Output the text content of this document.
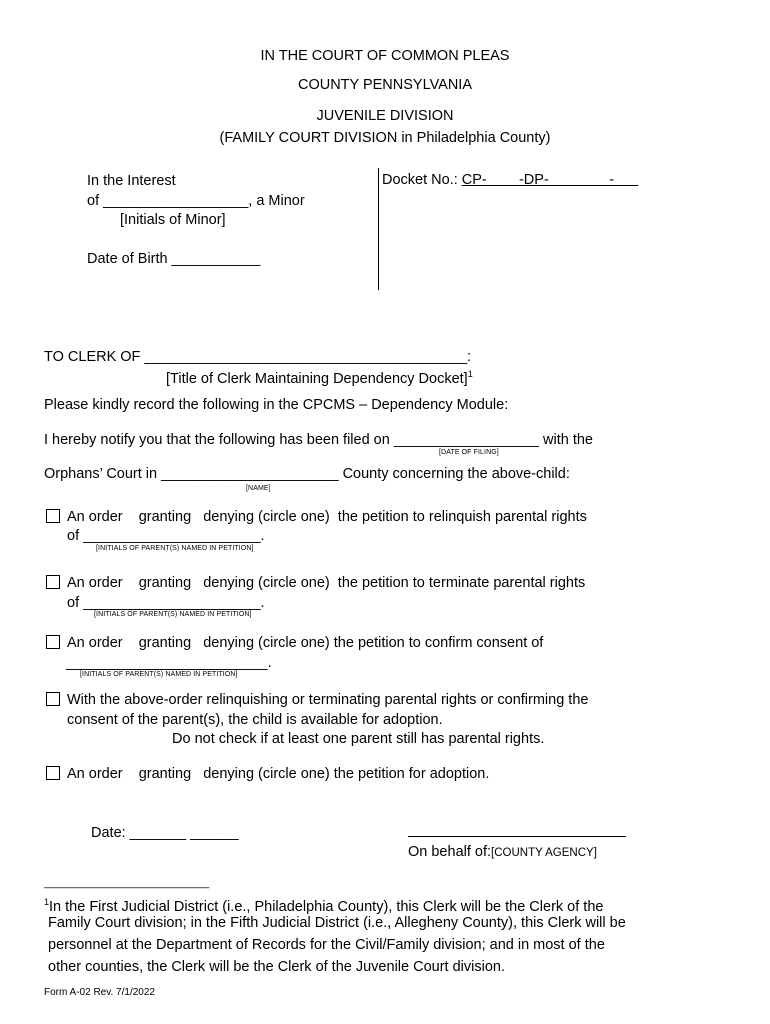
IN THE COURT OF COMMON PLEAS
COUNTY PENNSYLVANIA
JUVENILE DIVISION
(FAMILY COURT DIVISION in Philadelphia County)
In the Interest
of __________________, a Minor
[Initials of Minor]
Date of Birth ___________
Docket No.: CP-        -DP-               -
TO CLERK OF ________________________________________:
[Title of Clerk Maintaining Dependency Docket]$^1$
Please kindly record the following in the CPCMS – Dependency Module:
I hereby notify you that the following has been filed on __________________ with the
[DATE OF FILING]
Orphans’ Court in ______________________ County concerning the above-child:
[NAME]
An order    granting   denying (circle one)  the petition to relinquish parental rights
of ______________________.
[INITIALS OF PARENT(S) NAMED IN PETITION]
An order    granting   denying (circle one)  the petition to terminate parental rights
of ______________________.
[INITIALS OF PARENT(S) NAMED IN PETITION]
An order    granting   denying (circle one) the petition to confirm consent of
_________________________.
[INITIALS OF PARENT(S) NAMED IN PETITION]
With the above-order relinquishing or terminating parental rights or confirming the
consent of the parent(s), the child is available for adoption.
Do not check if at least one parent still has parental rights.
An order    granting   denying (circle one) the petition for adoption.
Date: _______ ______
On behalf of:[COUNTY AGENCY]
___________________________
$^1$In the First Judicial District (i.e., Philadelphia County), this Clerk will be the Clerk of the
Family Court division; in the Fifth Judicial District (i.e., Allegheny County), this Clerk will be
personnel at the Department of Records for the Civil/Family division; and in most of the
other counties, the Clerk will be the Clerk of the Juvenile Court division.
Form A-02 Rev. 7/1/2022
